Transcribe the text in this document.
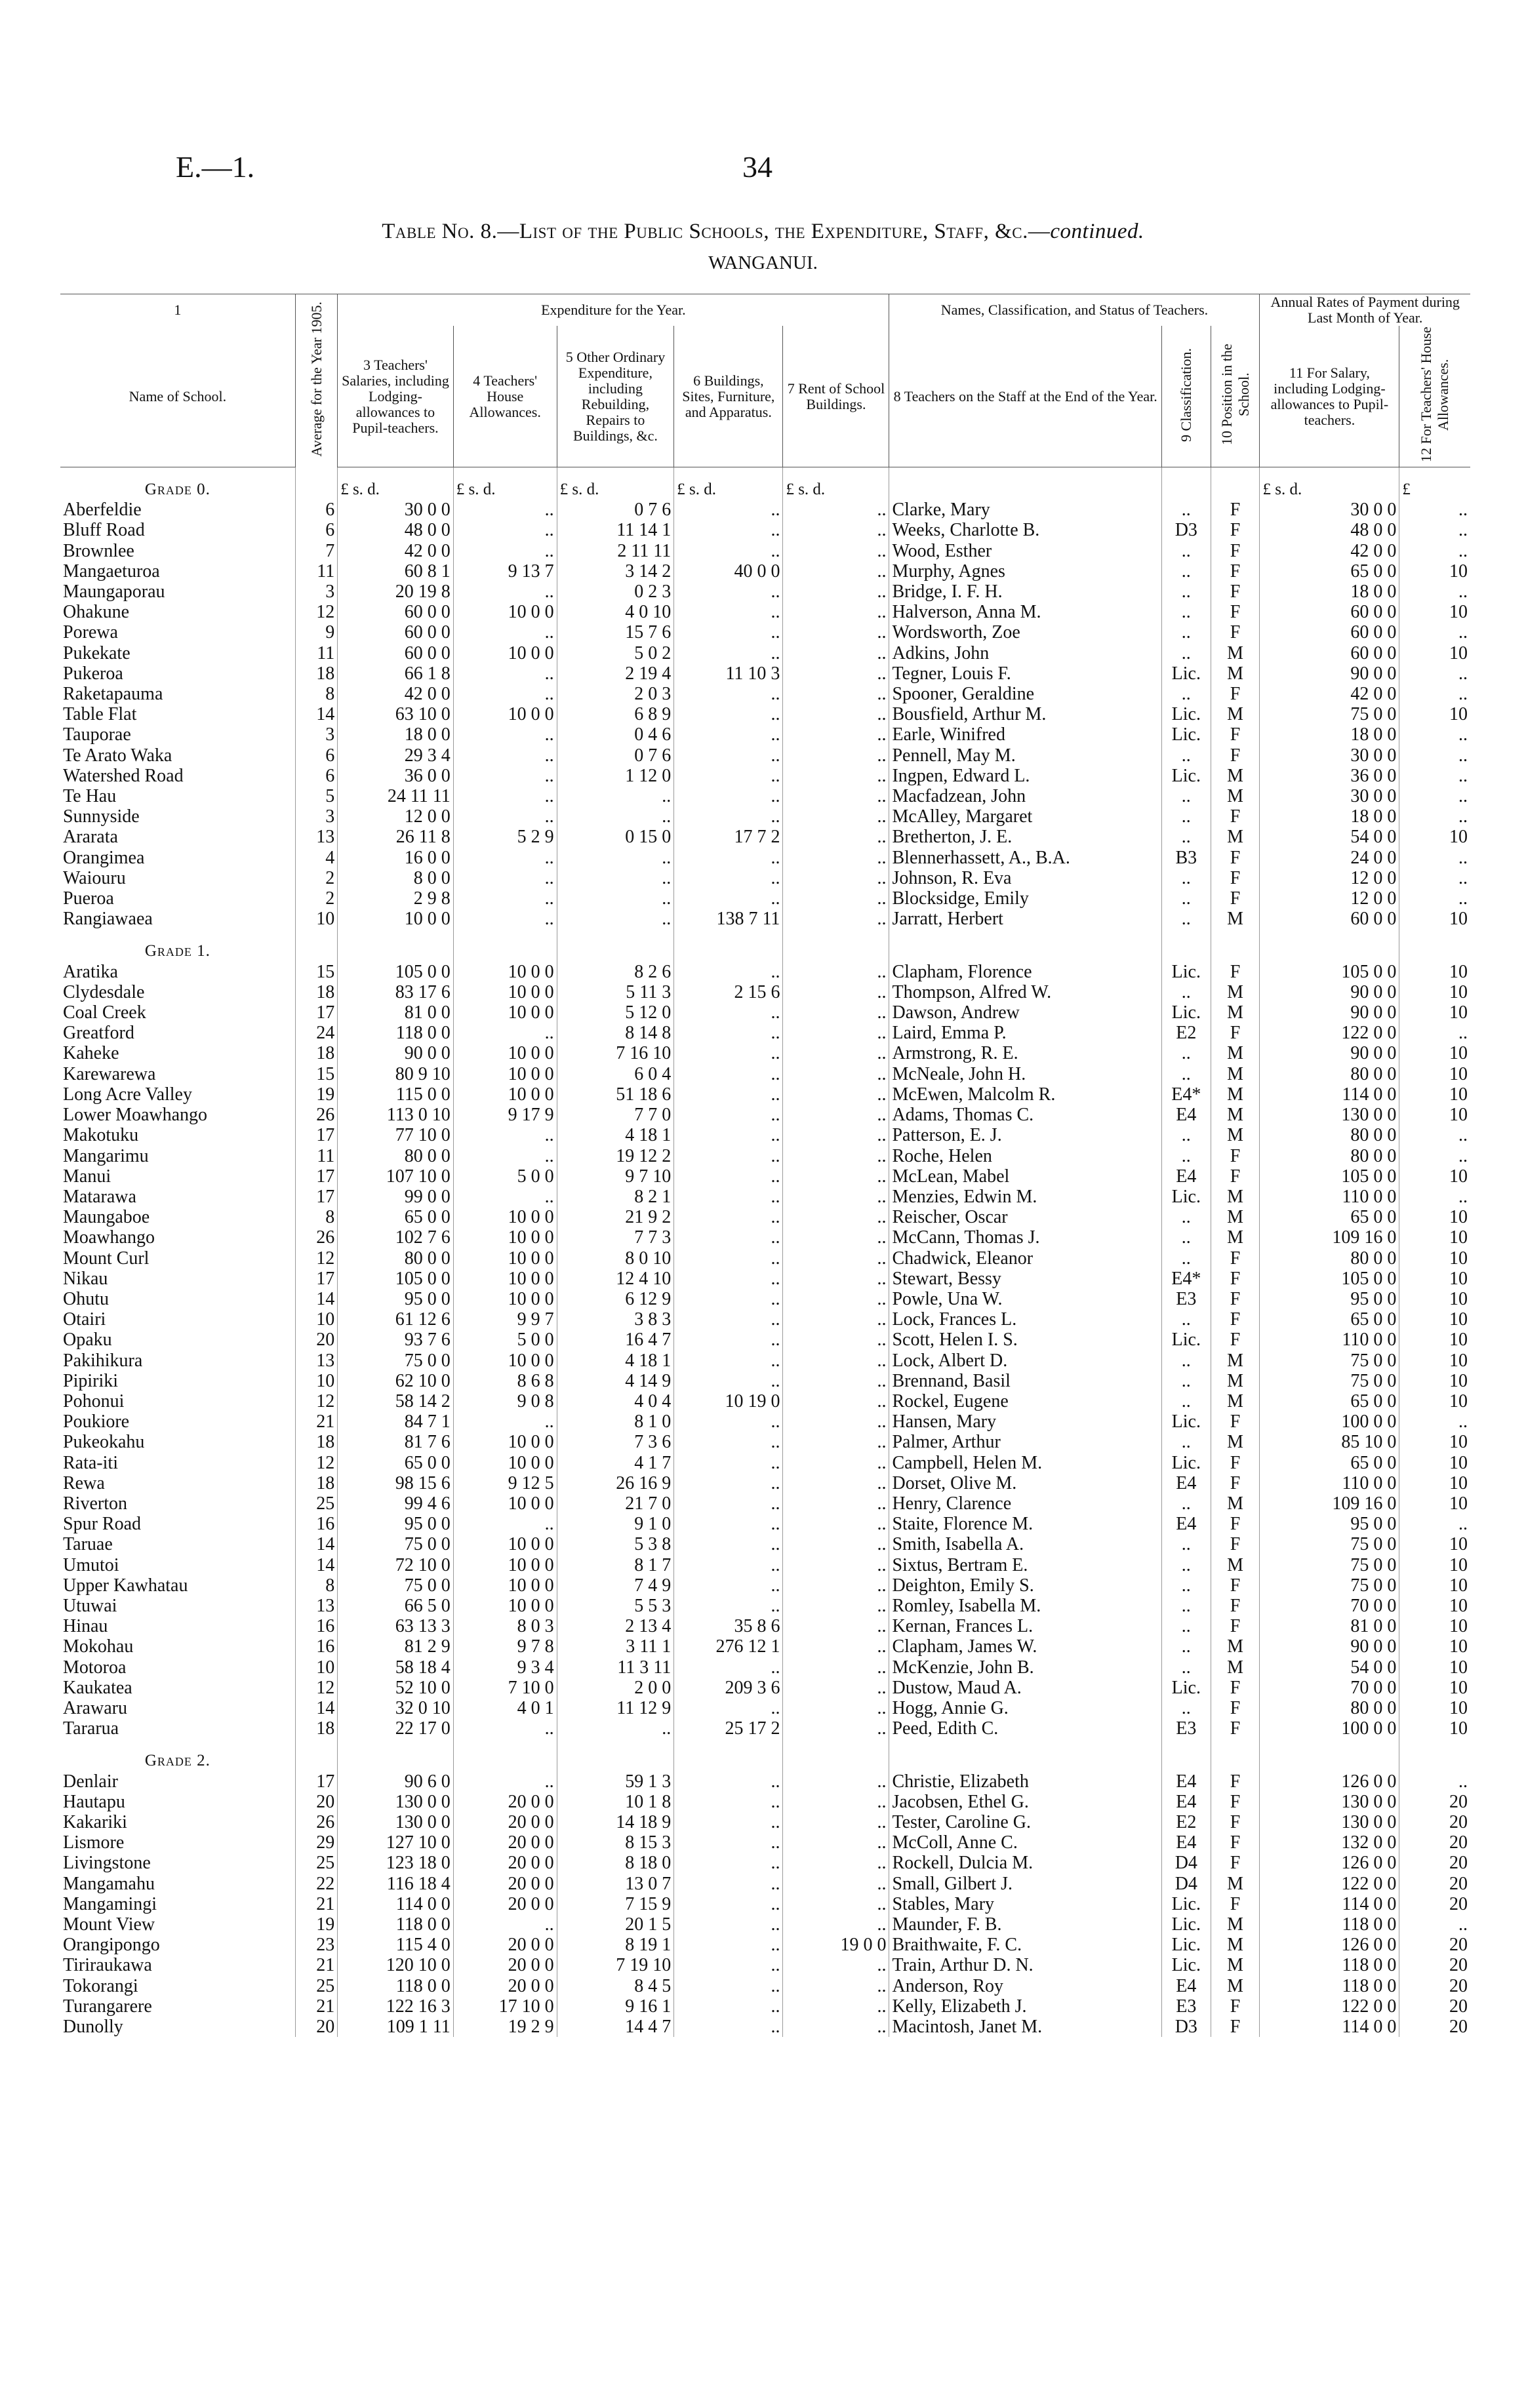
E.—1.	34
Table No. 8.—List of the Public Schools, the Expenditure, Staff, &c.—continued.
WANGANUI.
1	Average for the Year 1905.	Expenditure for the Year.					Names, Classification, and Status of Teachers.			Annual Rates of Payment during Last Month of Year.	
Name of School.		3 Teachers' Salaries, including Lodging-allowances to Pupil-teachers.	4 Teachers' House Allowances.	5 Other Ordinary Expenditure, including Rebuilding, Repairs to Buildings, &c.	6 Buildings, Sites, Furniture, and Apparatus.	7 Rent of School Buildings.	8 Teachers on the Staff at the End of the Year.	9 Classification.	10 Position in the School.	11 For Salary, including Lodging-allowances to Pupil-teachers.	12 For Teachers' House Allowances.
Grade 0.		£ s. d.	£ s. d.	£ s. d.	£ s. d.	£ s. d.				£ s. d.	£
Aberfeldie	6	30 0 0	..	0 7 6	..	..	Clarke, Mary	..	F	30 0 0	..
Bluff Road	6	48 0 0	..	11 14 1	..	..	Weeks, Charlotte B.	D3	F	48 0 0	..
Brownlee	7	42 0 0	..	2 11 11	..	..	Wood, Esther	..	F	42 0 0	..
Mangaeturoa	11	60 8 1	9 13 7	3 14 2	40 0 0	..	Murphy, Agnes	..	F	65 0 0	10
Maungaporau	3	20 19 8	..	0 2 3	..	..	Bridge, I. F. H.	..	F	18 0 0	..
Ohakune	12	60 0 0	10 0 0	4 0 10	..	..	Halverson, Anna M.	..	F	60 0 0	10
Porewa	9	60 0 0	..	15 7 6	..	..	Wordsworth, Zoe	..	F	60 0 0	..
Pukekate	11	60 0 0	10 0 0	5 0 2	..	..	Adkins, John	..	M	60 0 0	10
Pukeroa	18	66 1 8	..	2 19 4	11 10 3	..	Tegner, Louis F.	Lic.	M	90 0 0	..
Raketapauma	8	42 0 0	..	2 0 3	..	..	Spooner, Geraldine	..	F	42 0 0	..
Table Flat	14	63 10 0	10 0 0	6 8 9	..	..	Bousfield, Arthur M.	Lic.	M	75 0 0	10
Tauporae	3	18 0 0	..	0 4 6	..	..	Earle, Winifred	Lic.	F	18 0 0	..
Te Arato Waka	6	29 3 4	..	0 7 6	..	..	Pennell, May M.	..	F	30 0 0	..
Watershed Road	6	36 0 0	..	1 12 0	..	..	Ingpen, Edward L.	Lic.	M	36 0 0	..
Te Hau	5	24 11 11	..	..	..	..	Macfadzean, John	..	M	30 0 0	..
Sunnyside	3	12 0 0	..	..	..	..	McAlley, Margaret	..	F	18 0 0	..
Ararata	13	26 11 8	5 2 9	0 15 0	17 7 2	..	Bretherton, J. E.	..	M	54 0 0	10
Orangimea	4	16 0 0	..	..	..	..	Blennerhassett, A., B.A.	B3	F	24 0 0	..
Waiouru	2	8 0 0	..	..	..	..	Johnson, R. Eva	..	F	12 0 0	..
Pueroa	2	2 9 8	..	..	..	..	Blocksidge, Emily	..	F	12 0 0	..
Rangiawaea	10	10 0 0	..	..	138 7 11	..	Jarratt, Herbert	..	M	60 0 0	10
Grade 1.											
Aratika	15	105 0 0	10 0 0	8 2 6	..	..	Clapham, Florence	Lic.	F	105 0 0	10
Clydesdale	18	83 17 6	10 0 0	5 11 3	2 15 6	..	Thompson, Alfred W.	..	M	90 0 0	10
Coal Creek	17	81 0 0	10 0 0	5 12 0	..	..	Dawson, Andrew	Lic.	M	90 0 0	10
Greatford	24	118 0 0	..	8 14 8	..	..	Laird, Emma P.	E2	F	122 0 0	..
Kaheke	18	90 0 0	10 0 0	7 16 10	..	..	Armstrong, R. E.	..	M	90 0 0	10
Karewarewa	15	80 9 10	10 0 0	6 0 4	..	..	McNeale, John H.	..	M	80 0 0	10
Long Acre Valley	19	115 0 0	10 0 0	51 18 6	..	..	McEwen, Malcolm R.	E4*	M	114 0 0	10
Lower Moawhango	26	113 0 10	9 17 9	7 7 0	..	..	Adams, Thomas C.	E4	M	130 0 0	10
Makotuku	17	77 10 0	..	4 18 1	..	..	Patterson, E. J.	..	M	80 0 0	..
Mangarimu	11	80 0 0	..	19 12 2	..	..	Roche, Helen	..	F	80 0 0	..
Manui	17	107 10 0	5 0 0	9 7 10	..	..	McLean, Mabel	E4	F	105 0 0	10
Matarawa	17	99 0 0	..	8 2 1	..	..	Menzies, Edwin M.	Lic.	M	110 0 0	..
Maungaboe	8	65 0 0	10 0 0	21 9 2	..	..	Reischer, Oscar	..	M	65 0 0	10
Moawhango	26	102 7 6	10 0 0	7 7 3	..	..	McCann, Thomas J.	..	M	109 16 0	10
Mount Curl	12	80 0 0	10 0 0	8 0 10	..	..	Chadwick, Eleanor	..	F	80 0 0	10
Nikau	17	105 0 0	10 0 0	12 4 10	..	..	Stewart, Bessy	E4*	F	105 0 0	10
Ohutu	14	95 0 0	10 0 0	6 12 9	..	..	Powle, Una W.	E3	F	95 0 0	10
Otairi	10	61 12 6	9 9 7	3 8 3	..	..	Lock, Frances L.	..	F	65 0 0	10
Opaku	20	93 7 6	5 0 0	16 4 7	..	..	Scott, Helen I. S.	Lic.	F	110 0 0	10
Pakihikura	13	75 0 0	10 0 0	4 18 1	..	..	Lock, Albert D.	..	M	75 0 0	10
Pipiriki	10	62 10 0	8 6 8	4 14 9	..	..	Brennand, Basil	..	M	75 0 0	10
Pohonui	12	58 14 2	9 0 8	4 0 4	10 19 0	..	Rockel, Eugene	..	M	65 0 0	10
Poukiore	21	84 7 1	..	8 1 0	..	..	Hansen, Mary	Lic.	F	100 0 0	..
Pukeokahu	18	81 7 6	10 0 0	7 3 6	..	..	Palmer, Arthur	..	M	85 10 0	10
Rata-iti	12	65 0 0	10 0 0	4 1 7	..	..	Campbell, Helen M.	Lic.	F	65 0 0	10
Rewa	18	98 15 6	9 12 5	26 16 9	..	..	Dorset, Olive M.	E4	F	110 0 0	10
Riverton	25	99 4 6	10 0 0	21 7 0	..	..	Henry, Clarence	..	M	109 16 0	10
Spur Road	16	95 0 0	..	9 1 0	..	..	Staite, Florence M.	E4	F	95 0 0	..
Taruae	14	75 0 0	10 0 0	5 3 8	..	..	Smith, Isabella A.	..	F	75 0 0	10
Umutoi	14	72 10 0	10 0 0	8 1 7	..	..	Sixtus, Bertram E.	..	M	75 0 0	10
Upper Kawhatau	8	75 0 0	10 0 0	7 4 9	..	..	Deighton, Emily S.	..	F	75 0 0	10
Utuwai	13	66 5 0	10 0 0	5 5 3	..	..	Romley, Isabella M.	..	F	70 0 0	10
Hinau	16	63 13 3	8 0 3	2 13 4	35 8 6	..	Kernan, Frances L.	..	F	81 0 0	10
Mokohau	16	81 2 9	9 7 8	3 11 1	276 12 1	..	Clapham, James W.	..	M	90 0 0	10
Motoroa	10	58 18 4	9 3 4	11 3 11	..	..	McKenzie, John B.	..	M	54 0 0	10
Kaukatea	12	52 10 0	7 10 0	2 0 0	209 3 6	..	Dustow, Maud A.	Lic.	F	70 0 0	10
Arawaru	14	32 0 10	4 0 1	11 12 9	..	..	Hogg, Annie G.	..	F	80 0 0	10
Tararua	18	22 17 0	..	..	25 17 2	..	Peed, Edith C.	E3	F	100 0 0	10
Grade 2.											
Denlair	17	90 6 0	..	59 1 3	..	..	Christie, Elizabeth	E4	F	126 0 0	..
Hautapu	20	130 0 0	20 0 0	10 1 8	..	..	Jacobsen, Ethel G.	E4	F	130 0 0	20
Kakariki	26	130 0 0	20 0 0	14 18 9	..	..	Tester, Caroline G.	E2	F	130 0 0	20
Lismore	29	127 10 0	20 0 0	8 15 3	..	..	McColl, Anne C.	E4	F	132 0 0	20
Livingstone	25	123 18 0	20 0 0	8 18 0	..	..	Rockell, Dulcia M.	D4	F	126 0 0	20
Mangamahu	22	116 18 4	20 0 0	13 0 7	..	..	Small, Gilbert J.	D4	M	122 0 0	20
Mangamingi	21	114 0 0	20 0 0	7 15 9	..	..	Stables, Mary	Lic.	F	114 0 0	20
Mount View	19	118 0 0	..	20 1 5	..	..	Maunder, F. B.	Lic.	M	118 0 0	..
Orangipongo	23	115 4 0	20 0 0	8 19 1	..	19 0 0	Braithwaite, F. C.	Lic.	M	126 0 0	20
Tiriraukawa	21	120 10 0	20 0 0	7 19 10	..	..	Train, Arthur D. N.	Lic.	M	118 0 0	20
Tokorangi	25	118 0 0	20 0 0	8 4 5	..	..	Anderson, Roy	E4	M	118 0 0	20
Turangarere	21	122 16 3	17 10 0	9 16 1	..	..	Kelly, Elizabeth J.	E3	F	122 0 0	20
Dunolly	20	109 1 11	19 2 9	14 4 7	..	..	Macintosh, Janet M.	D3	F	114 0 0	20
